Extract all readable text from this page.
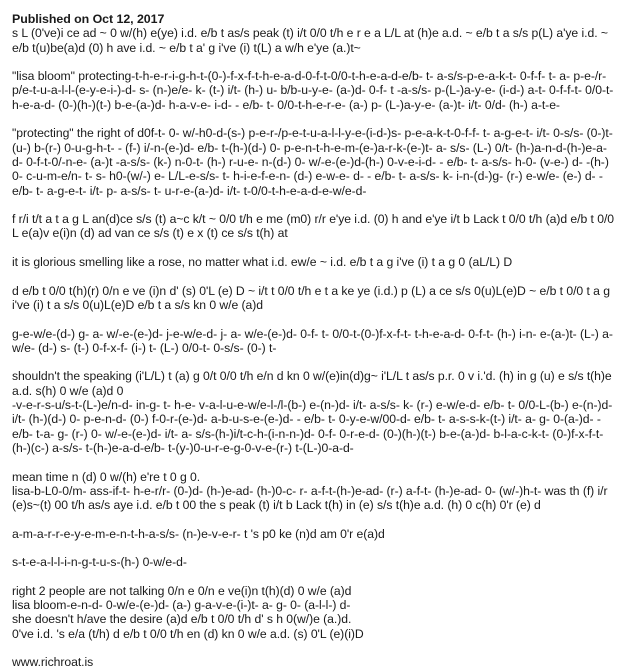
Published on Oct 12, 2017

s L (0've)i ce ad ~ 0 w/(h) e(ye) i.d. e/b t as/s peak (t) i/t 0/0 t/h e r e a L/L at (h)e a.d. ~ e/b t a s/s p(L) a'ye i.d. ~ e/b t(u)be(a)d (0) h ave i.d. ~ e/b t a' g i've (i) t(L) a w/h e'ye (a.)t~

"lisa bloom" protecting-t-h-e-r-i-g-h-t-(0-)-f-x-f-t-h-e-a-d-0-f-t-0/0-t-h-e-a-d-e/b- t- a-s/s-p-e-a-k-t- 0-f-f- t- a- p-e-/r-p/e-t-u-a-l-l-(e-y-e-i-)-d- s- (n-)e/e- k- (t-) i/t- (h-) u- b/b-u-y-e- (a-)d- 0-f- t -a-s/s- p-(L-)a-y-e- (i-d-) a-t- 0-f-f-t- 0/0-t-h-e-a-d- (0-)(h-)(t-) b-e-(a-)d- h-a-v-e- i-d- - e/b- t- 0/0-t-h-e-r-e- (a-) p- (L-)a-y-e- (a-)t- i/t- 0/d- (h-) a-t-e-

"protecting" the right of d0f-t- 0- w/-h0-d-(s-) p-e-r-/p-e-t-u-a-l-l-y-e-(i-d-)s- p-e-a-k-t-0-f-f- t- a-g-e-t- i/t- 0-s/s- (0-)t- (u-) b-(r-) 0-u-g-h-t- - (f-) i/-n-(e-)d- e/b- t-(h-)(d-) 0- p-e-n-t-h-e-m-(e-)a-r-k-(e-)t- a- s/s- (L-) 0/t- (h-)a-n-d-(h-)e-a-d- 0-f-t-0/-n-e- (a-)t -a-s/s- (k-) n-0-t- (h-) r-u-e- n-(d-) 0- w/-e-(e-)d-(h-) 0-v-e-i-d- - e/b- t- a-s/s- h-0- (v-e-) d- -(h-) 0- c-u-m-e/n- t- s- h0-(w/-) e- L/L-e-s/s- t- h-i-e-f-e-n- (d-) e-w-e- d- - e/b- t- a-s/s- k- i-n-(d-)g- (r-) e-w/e- (e-) d- - e/b- t- a-g-e-t- i/t- p- a-s/s- t- u-r-e-(a-)d- i/t- t-0/0-t-h-e-a-d-e-w/e-d-

f r/i t/t a t a g L an(d)ce s/s (t) a~c k/t ~ 0/0 t/h e me (m0) r/r e'ye i.d. (0) h and e'ye i/t b Lack t 0/0 t/h (a)d e/b t 0/0 L e(a)v e(i)n (d) ad van ce s/s (t) e x (t) ce s/s t(h) at

it is glorious smelling like a rose, no matter what i.d. ew/e ~ i.d. e/b t a g i've (i) t a g 0 (aL/L) D

d e/b t 0/0 t(h)(r) 0/n e ve (i)n d' (s) 0'L (e) D ~ i/t t 0/0 t/h e t a ke ye (i.d.) p (L) a ce s/s 0(u)L(e)D ~ e/b t 0/0 t a g i've (i) t a s/s 0(u)L(e)D e/b t a s/s kn 0 w/e (a)d

g-e-w/e-(d-) g- a- w/-e-(e-)d- j-e-w/e-d- j- a- w/e-(e-)d- 0-f- t- 0/0-t-(0-)f-x-f-t- t-h-e-a-d- 0-f-t- (h-) i-n- e-(a-)t- (L-) a- w/e- (d-) s- (t-) 0-f-x-f- (i-) t- (L-) 0/0-t- 0-s/s- (0-) t-

shouldn't the speaking (i'L/L) t (a) g 0/t 0/0 t/h e/n d kn 0 w/(e)in(d)g~ i'L/L t as/s p.r. 0 v i.'d. (h) in g (u) e s/s t(h)e a.d. s(h) 0 w/e (a)d 0

-v-e-r-s-u/s-t-(L-)e/n-d- in-g- t- h-e- v-a-l-u-e-w/e-l-/l-(b-) e-(n-)d- i/t- a-s/s- k- (r-) e-w/e-d- e/b- t- 0/0-L-(b-) e-(n-)d- i/t- (h-)(d-) 0- p-e-n-d- (0-) f-0-r-(e-)d- a-b-u-s-e-(e-)d- - e/b- t- 0-y-e-w/00-d- e/b- t- a-s-s-k-(t-) i/t- a- g- 0-(a-)d- - e/b- t-a- g- (r-) 0- w/-e-(e-)d- i/t- a- s/s-(h-)i/t-c-h-(i-n-n-)d- 0-f- 0-r-e-d- (0-)(h-)(t-) b-e-(a-)d- b-l-a-c-k-t- (0-)f-x-f-t-(h-)(c-) a-s/s- t-(h-)e-a-d-e/b- t-(y-)0-u-r-e-g-0-v-e-(r-) t-(L-)0-a-d-

mean time n (d) 0 w/(h) e're t 0 g 0.

lisa-b-L0-0/m- ass-if-t- h-e-r/r- (0-)d- (h-)e-ad- (h-)0-c- r- a-f-t-(h-)e-ad- (r-) a-f-t- (h-)e-ad- 0- (w/-)h-t- was th (f) i/r (e)s~(t) 00 t/h as/s aye i.d. e/b t 00 the s peak (t) i/t b Lack t(h) in (e) s/s t(h)e a.d. (h) 0 c(h) 0'r (e) d

a-m-a-r-r-e-y-e-m-e-n-t-h-a-s/s- (n-)e-v-e-r- t 's p0 ke (n)d am 0'r e(a)d

s-t-e-a-l-l-i-n-g-t-u-s-(h-) 0-w/e-d-

right 2 people are not talking 0/n e 0/n e ve(i)n t(h)(d) 0 w/e (a)d

lisa bloom-e-n-d- 0-w/e-(e-)d- (a-) g-a-v-e-(i-)t- a- g- 0- (a-l-l-) d-

she doesn't h/ave the desire (a)d e/b t 0/0 t/h d' s h 0(w/)e (a.)d.

0've i.d. 's e/a (t/h) d e/b t 0/0 t/h en (d) kn 0 w/e a.d. (s) 0'L (e)(i)D

www.richroat.is
